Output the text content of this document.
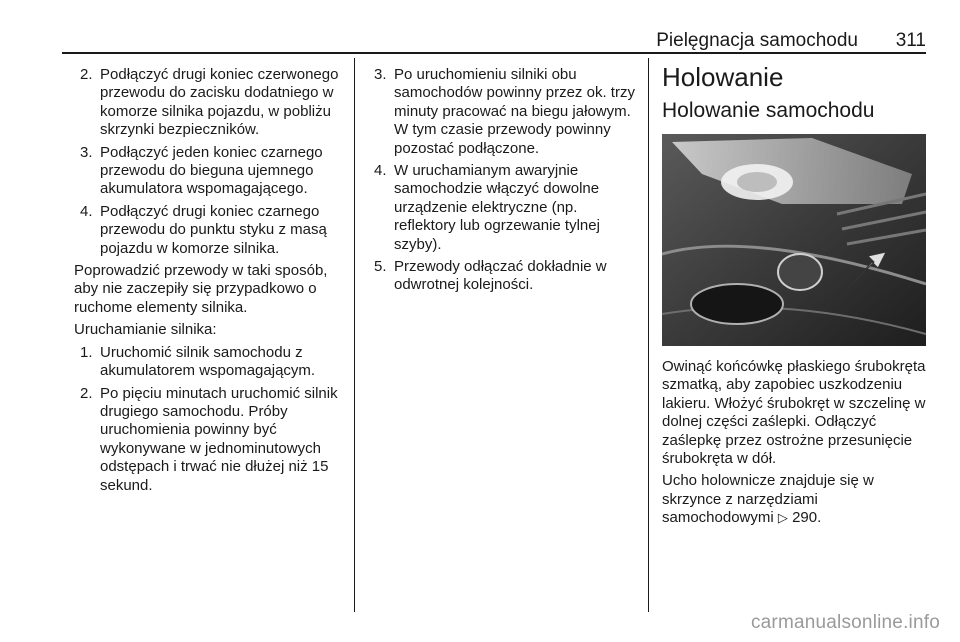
Pielęgnacja samochodu 311
2. Podłączyć drugi koniec czerwonego przewodu do zacisku dodatniego w komorze silnika pojazdu, w pobliżu skrzynki bezpieczników.
3. Podłączyć jeden koniec czarnego przewodu do bieguna ujemnego akumulatora wspomagającego.
4. Podłączyć drugi koniec czarnego przewodu do punktu styku z masą pojazdu w komorze silnika.

Poprowadzić przewody w taki sposób, aby nie zaczepiły się przypadkowo o ruchome elementy silnika.

Uruchamianie silnika:

1. Uruchomić silnik samochodu z akumulatorem wspomagającym.
2. Po pięciu minutach uruchomić silnik drugiego samochodu. Próby uruchomienia powinny być wykonywane w jednominutowych odstępach i trwać nie dłużej niż 15 sekund.
3. Po uruchomieniu silniki obu samochodów powinny przez ok. trzy minuty pracować na biegu jałowym. W tym czasie przewody powinny pozostać podłączone.
4. W uruchamianym awaryjnie samochodzie włączyć dowolne urządzenie elektryczne (np. reflektory lub ogrzewanie tylnej szyby).
5. Przewody odłączać dokładnie w odwrotnej kolejności.
Holowanie
Holowanie samochodu

Owinąć końcówkę płaskiego śrubokręta szmatką, aby zapobiec uszkodzeniu lakieru. Włożyć śrubokręt w szczelinę w dolnej części zaślepki. Odłączyć zaślepkę przez ostrożne przesunięcie śrubokręta w dół.

Ucho holownicze znajduje się w skrzynce z narzędziami samochodowymi ▷ 290.

carmanualsonline.info
